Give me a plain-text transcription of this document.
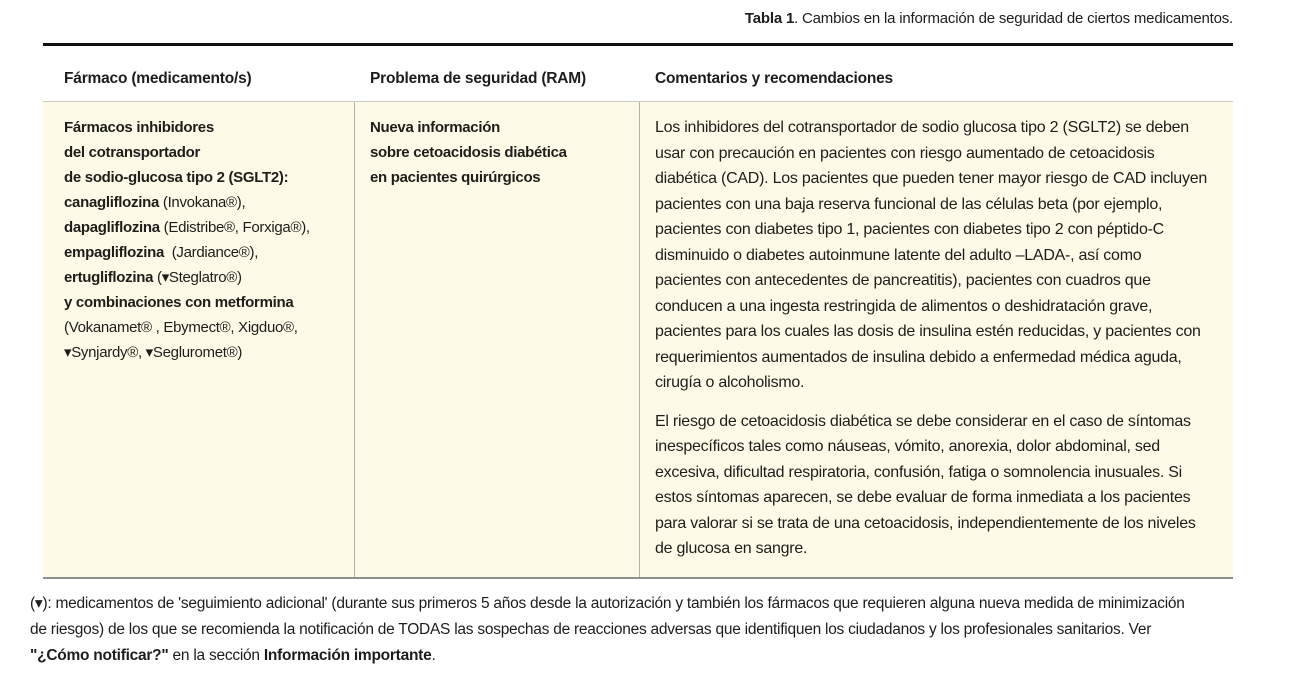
Tabla 1. Cambios en la información de seguridad de ciertos medicamentos.
Fármaco (medicamento/s)	Problema de seguridad (RAM)	Comentarios y recomendaciones
Fármacos inhibidores
del cotransportador
de sodio-glucosa tipo 2 (SGLT2):
canagliflozina (Invokana®),
dapagliflozina (Edistribe®, Forxiga®),
empagliflozina  (Jardiance®),
ertugliflozina (▾Steglatro®)
y combinaciones con metformina
(Vokanamet® , Ebymect®, Xigduo®,
▾Synjardy®, ▾Segluromet®)
Nueva información
sobre cetoacidosis diabética
en pacientes quirúrgicos

Los inhibidores del cotransportador de sodio glucosa tipo 2 (SGLT2) se deben usar con precaución en pacientes con riesgo aumentado de cetoacidosis diabética (CAD). Los pacientes que pueden tener mayor riesgo de CAD incluyen pacientes con una baja reserva funcional de las células beta (por ejemplo, pacientes con diabetes tipo 1, pacientes con diabetes tipo 2 con péptido-C disminuido o diabetes autoinmune latente del adulto –LADA-, así como pacientes con antecedentes de pancreatitis), pacientes con cuadros que conducen a una ingesta restringida de alimentos o deshidratación grave, pacientes para los cuales las dosis de insulina estén reducidas, y pacientes con requerimientos aumentados de insulina debido a enfermedad médica aguda, cirugía o alcoholismo.

El riesgo de cetoacidosis diabética se debe considerar en el caso de síntomas inespecíficos tales como náuseas, vómito, anorexia, dolor abdominal, sed excesiva, dificultad respiratoria, confusión, fatiga o somnolencia inusuales. Si estos síntomas aparecen, se debe evaluar de forma inmediata a los pacientes para valorar si se trata de una cetoacidosis, independientemente de los niveles de glucosa en sangre.

(▾): medicamentos de 'seguimiento adicional' (durante sus primeros 5 años desde la autorización y también los fármacos que requieren alguna nueva medida de minimización de riesgos) de los que se recomienda la notificación de TODAS las sospechas de reacciones adversas que identifiquen los ciudadanos y los profesionales sanitarios. Ver "¿Cómo notificar?" en la sección Información importante.
